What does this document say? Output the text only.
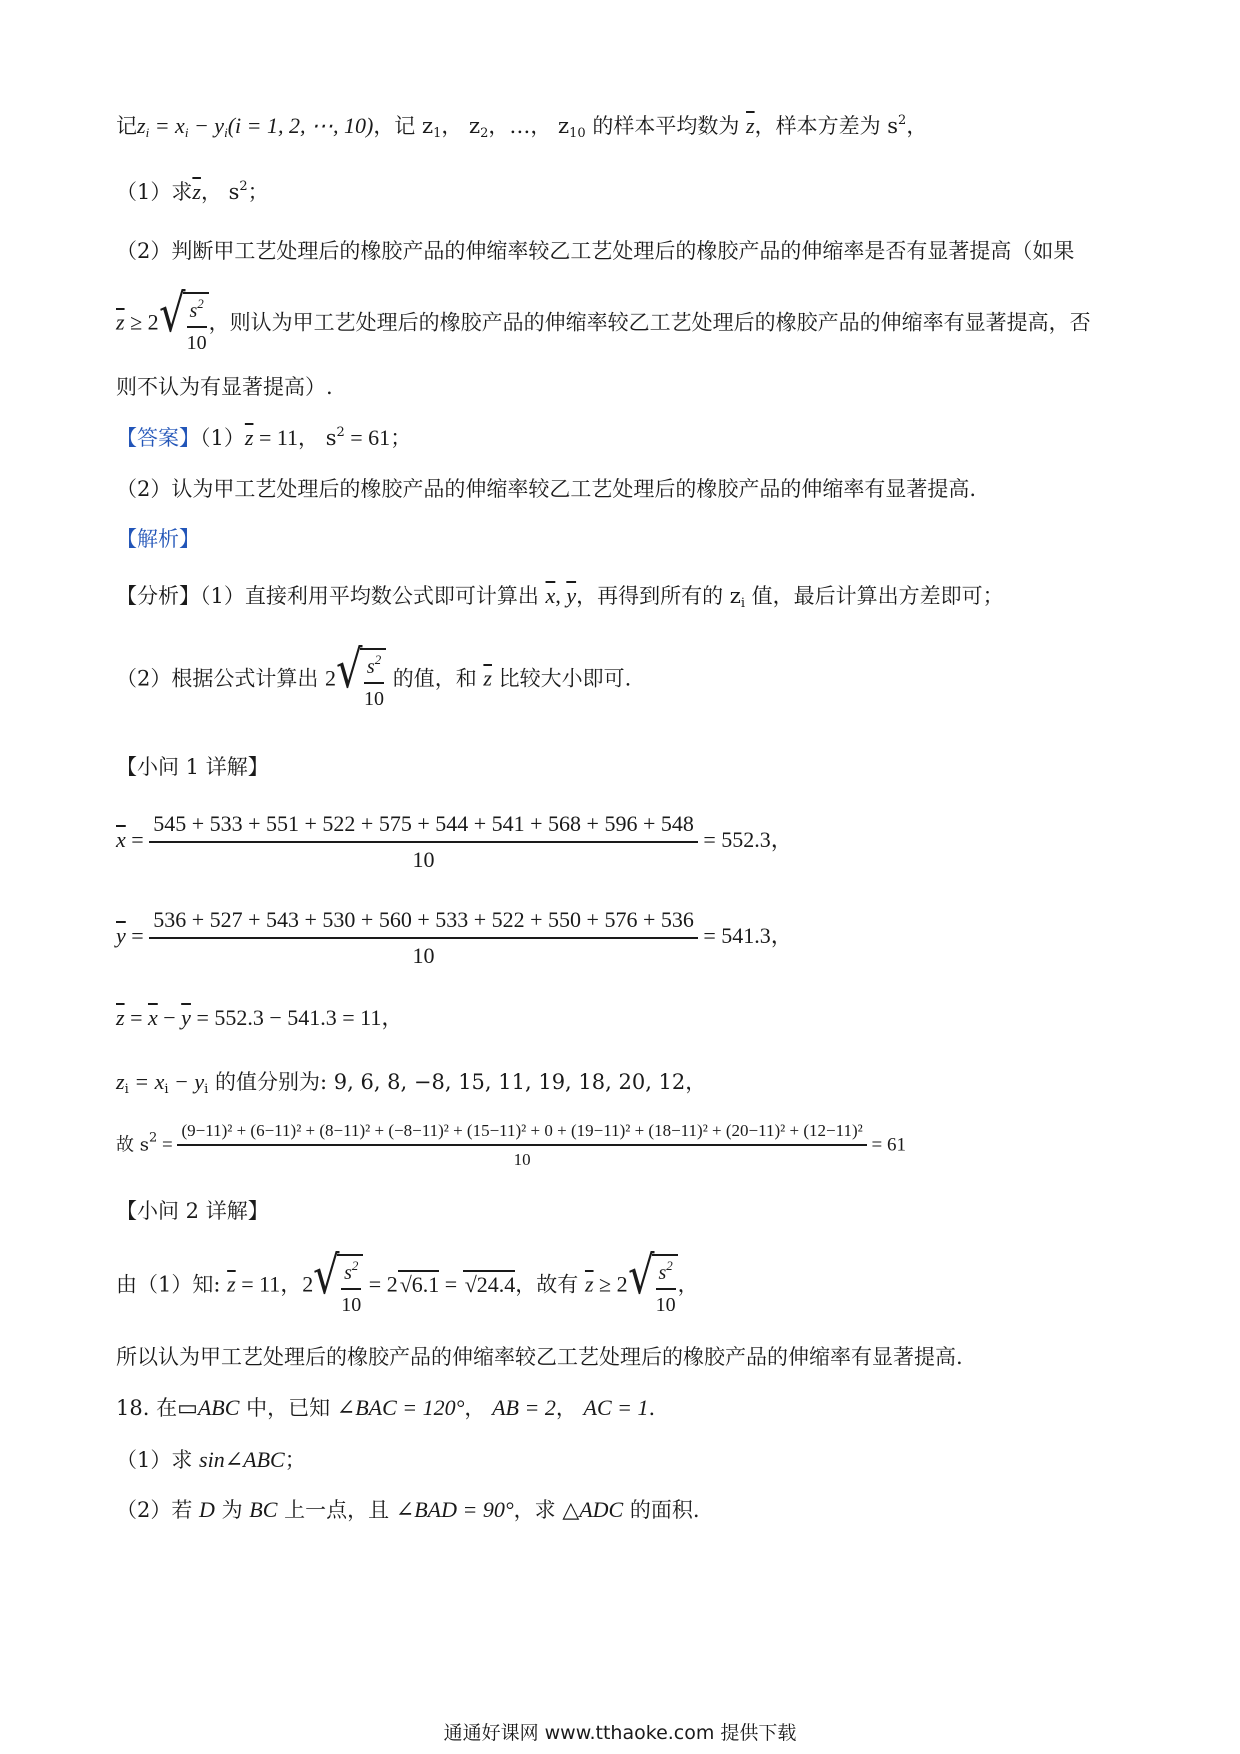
记$z_i = x_i - y_i(i = 1$, 2, ⋯, 10)，记 $z_1$， $z_2$，…， $z_{10}$ 的样本平均数为 $\overline{z}$，样本方差为 $s^2$，
（1）求$\overline{z}$， $s^2$；
（2）判断甲工艺处理后的橡胶产品的伸缩率较乙工艺处理后的橡胶产品的伸缩率是否有显著提高（如果
$\overline{z} \ge 2$ √ $\frac{s^2}{10}$ ，则认为甲工艺处理后的橡胶产品的伸缩率较乙工艺处理后的橡胶产品的伸缩率有显著提高，否
则不认为有显著提高）.
【答案】$(1)\overline{z} = 11$， $s^2 = 61$；
（2）认为甲工艺处理后的橡胶产品的伸缩率较乙工艺处理后的橡胶产品的伸缩率有显著提高.
【解析】
【分析】（1）直接利用平均数公式即可计算出 $\overline{x}$, $\overline{y}$，再得到所有的 $z_i$ 值，最后计算出方差即可；
（2）根据公式计算出 2 √ $\frac{s^2}{10}$ 的值，和 $\overline{z}$ 比较大小即可.
【小问 1 详解】
$\overline{x} = \frac{545 + 533 + 551 + 522 + 575 + 544 + 541 + 568 + 596 + 548}{10} = 552.3$，
$\overline{y} = \frac{536 + 527 + 543 + 530 + 560 + 533 + 522 + 550 + 576 + 536}{10} = 541.3$，
$\overline{z} = \overline{x} - \overline{y} = 552.3 - 541.3 = 11$，
$z_i = x_i - y_i$ 的值分别为: 9, 6, 8, −8, 15, 11, 19, 18, 20, 12，
故 $s^2$ =
(9−11)² + (6−11)² + (8−11)² + (−8−11)² + (15−11)² + 0 + (19−11)² + (18−11)² + (20−11)² + (12−11)²
10
= 61
【小问 2 详解】
由（1）知: $\overline{z} = 11$，2 √ $\frac{s^2}{10} = 2√6.1 = √24.4$，故有 $\overline{z} \ge 2$ √ $\frac{s^2}{10}$ ，
所以认为甲工艺处理后的橡胶产品的伸缩率较乙工艺处理后的橡胶产品的伸缩率有显著提高.
18. 在▭ABC 中，已知 ∠BAC = 120°， AB = 2， AC = 1.
（1）求 sin∠ABC；
（2）若 D 为 BC 上一点，且 ∠BAD = 90°，求 △ADC 的面积.
通通好课网 www.tthaoke.com 提供下载
